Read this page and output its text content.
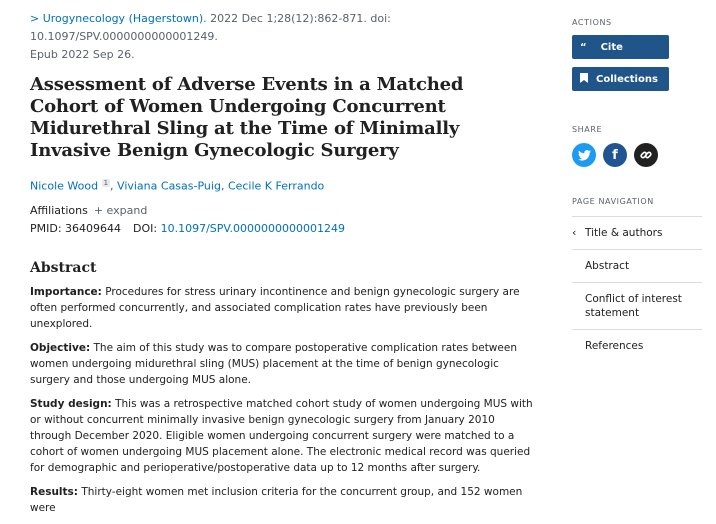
> Urogynecology (Hagerstown). 2022 Dec 1;28(12):862-871. doi: 10.1097/SPV.0000000000001249.
Epub 2022 Sep 26.
Assessment of Adverse Events in a Matched Cohort of Women Undergoing Concurrent Midurethral Sling at the Time of Minimally Invasive Benign Gynecologic Surgery
Nicole Wood $^1$ , Viviana Casas-Puig, Cecile K Ferrando
Affiliations + expand
PMID: 36409644 DOI: 10.1097/SPV.0000000000001249
Abstract

Importance: Procedures for stress urinary incontinence and benign gynecologic surgery are often performed concurrently, and associated complication rates have previously been unexplored.

Objective: The aim of this study was to compare postoperative complication rates between women undergoing midurethral sling (MUS) placement at the time of benign gynecologic surgery and those undergoing MUS alone.

Study design: This was a retrospective matched cohort study of women undergoing MUS with or without concurrent minimally invasive benign gynecologic surgery from January 2010 through December 2020. Eligible women undergoing concurrent surgery were matched to a cohort of women undergoing MUS placement alone. The electronic medical record was queried for demographic and perioperative/postoperative data up to 12 months after surgery.

Results: Thirty-eight women met inclusion criteria for the concurrent group, and 152 women were

ACTIONS
“ Cite
Collections
SHARE
f
PAGE NAVIGATION
‹ Title & authors
Abstract
Conflict of interest statement
References
